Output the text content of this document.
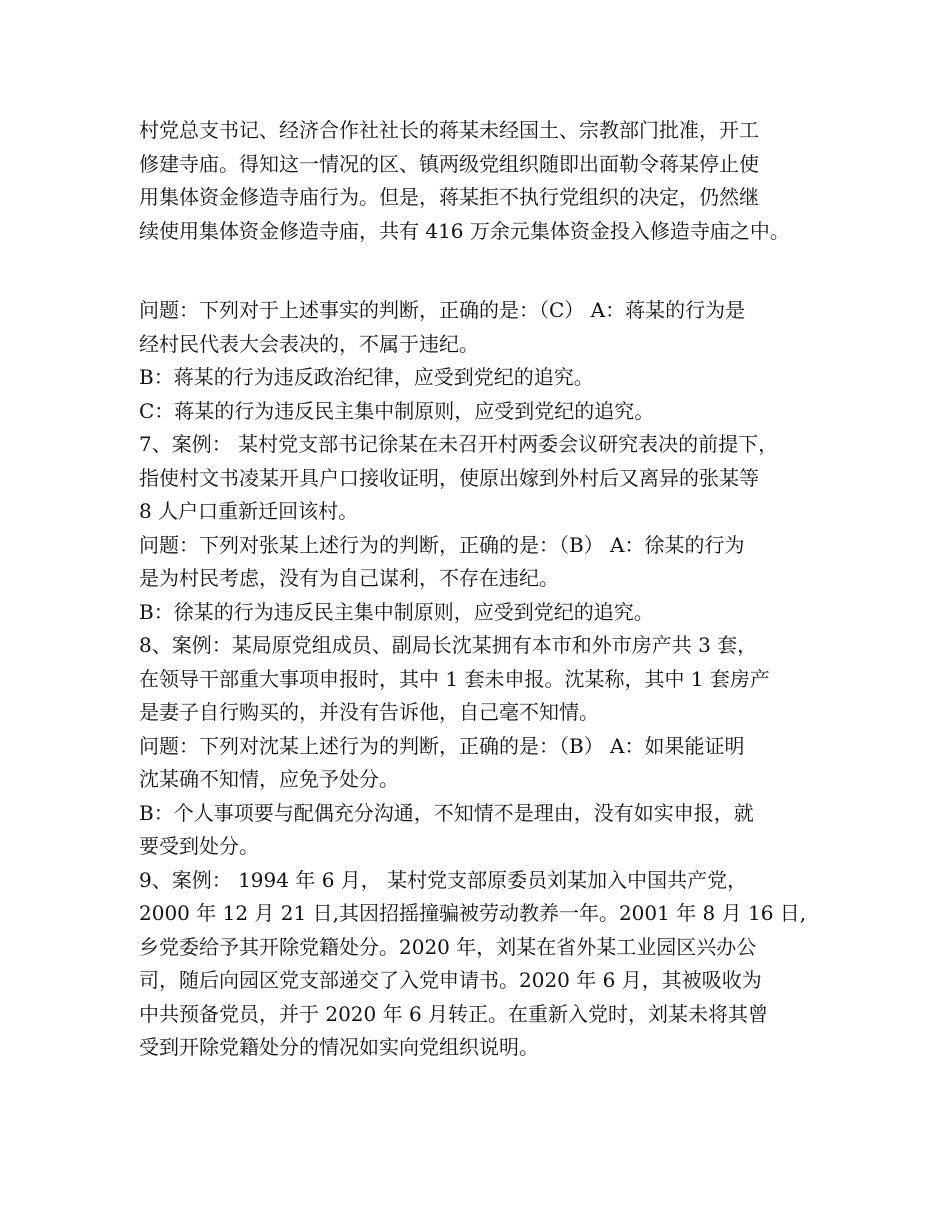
村党总支书记、经济合作社社长的蒋某未经国土、宗教部门批准，开工
修建寺庙。得知这一情况的区、镇两级党组织随即出面勒令蒋某停止使
用集体资金修造寺庙行为。但是，蒋某拒不执行党组织的决定，仍然继
续使用集体资金修造寺庙，共有 416 万余元集体资金投入修造寺庙之中。
问题：下列对于上述事实的判断，正确的是：（C） A：蒋某的行为是
经村民代表大会表决的，不属于违纪。
B：蒋某的行为违反政治纪律，应受到党纪的追究。
C：蒋某的行为违反民主集中制原则，应受到党纪的追究。
7、案例： 某村党支部书记徐某在未召开村两委会议研究表决的前提下，
指使村文书凌某开具户口接收证明，使原出嫁到外村后又离异的张某等
8 人户口重新迁回该村。
问题：下列对张某上述行为的判断，正确的是：（B） A：徐某的行为
是为村民考虑，没有为自己谋利，不存在违纪。
B：徐某的行为违反民主集中制原则，应受到党纪的追究。
8、案例：某局原党组成员、副局长沈某拥有本市和外市房产共 3 套，
在领导干部重大事项申报时，其中 1 套未申报。沈某称，其中 1 套房产
是妻子自行购买的，并没有告诉他，自己毫不知情。
问题：下列对沈某上述行为的判断，正确的是：（B） A：如果能证明
沈某确不知情，应免予处分。
B：个人事项要与配偶充分沟通，不知情不是理由，没有如实申报，就
要受到处分。
9、案例： 1994 年 6 月， 某村党支部原委员刘某加入中国共产党，
2000 年 12 月 21 日,其因招摇撞骗被劳动教养一年。2001 年 8 月 16 日,
乡党委给予其开除党籍处分。2020 年，刘某在省外某工业园区兴办公
司，随后向园区党支部递交了入党申请书。2020 年 6 月，其被吸收为
中共预备党员，并于 2020 年 6 月转正。在重新入党时，刘某未将其曾
受到开除党籍处分的情况如实向党组织说明。
